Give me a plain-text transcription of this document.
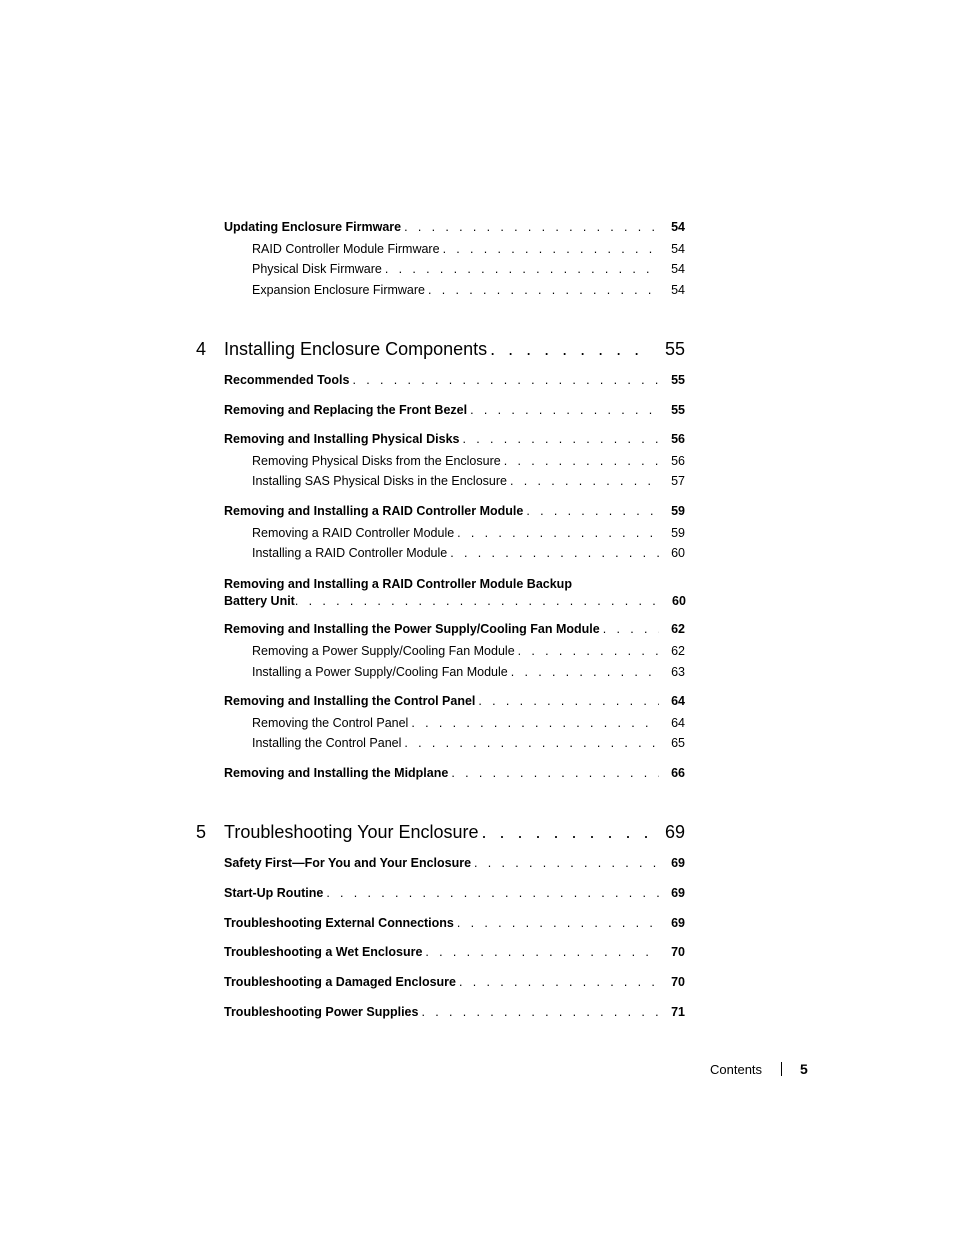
Updating Enclosure Firmware . . .	54
RAID Controller Module Firmware . . .	54
Physical Disk Firmware . . .	54
Expansion Enclosure Firmware . . .	54
4 Installing Enclosure Components . . .	55
Recommended Tools . . .	55
Removing and Replacing the Front Bezel . . .	55
Removing and Installing Physical Disks . . .	56
Removing Physical Disks from the Enclosure . . .	56
Installing SAS Physical Disks in the Enclosure . . .	57
Removing and Installing a RAID Controller Module . . .	59
Removing a RAID Controller Module . . .	59
Installing a RAID Controller Module . . .	60
Removing and Installing a RAID Controller Module Backup
Battery Unit . . .	60
Removing and Installing the Power Supply/Cooling Fan Module . . .	62
Removing a Power Supply/Cooling Fan Module . . .	62
Installing a Power Supply/Cooling Fan Module . . .	63
Removing and Installing the Control Panel . . .	64
Removing the Control Panel . . .	64
Installing the Control Panel . . .	65
Removing and Installing the Midplane . . .	66
5 Troubleshooting Your Enclosure . . .	69
Safety First—For You and Your Enclosure . . .	69
Start-Up Routine . . .	69
Troubleshooting External Connections . . .	69
Troubleshooting a Wet Enclosure . . .	70
Troubleshooting a Damaged Enclosure . . .	70
Troubleshooting Power Supplies . . .	71
Contents	5
